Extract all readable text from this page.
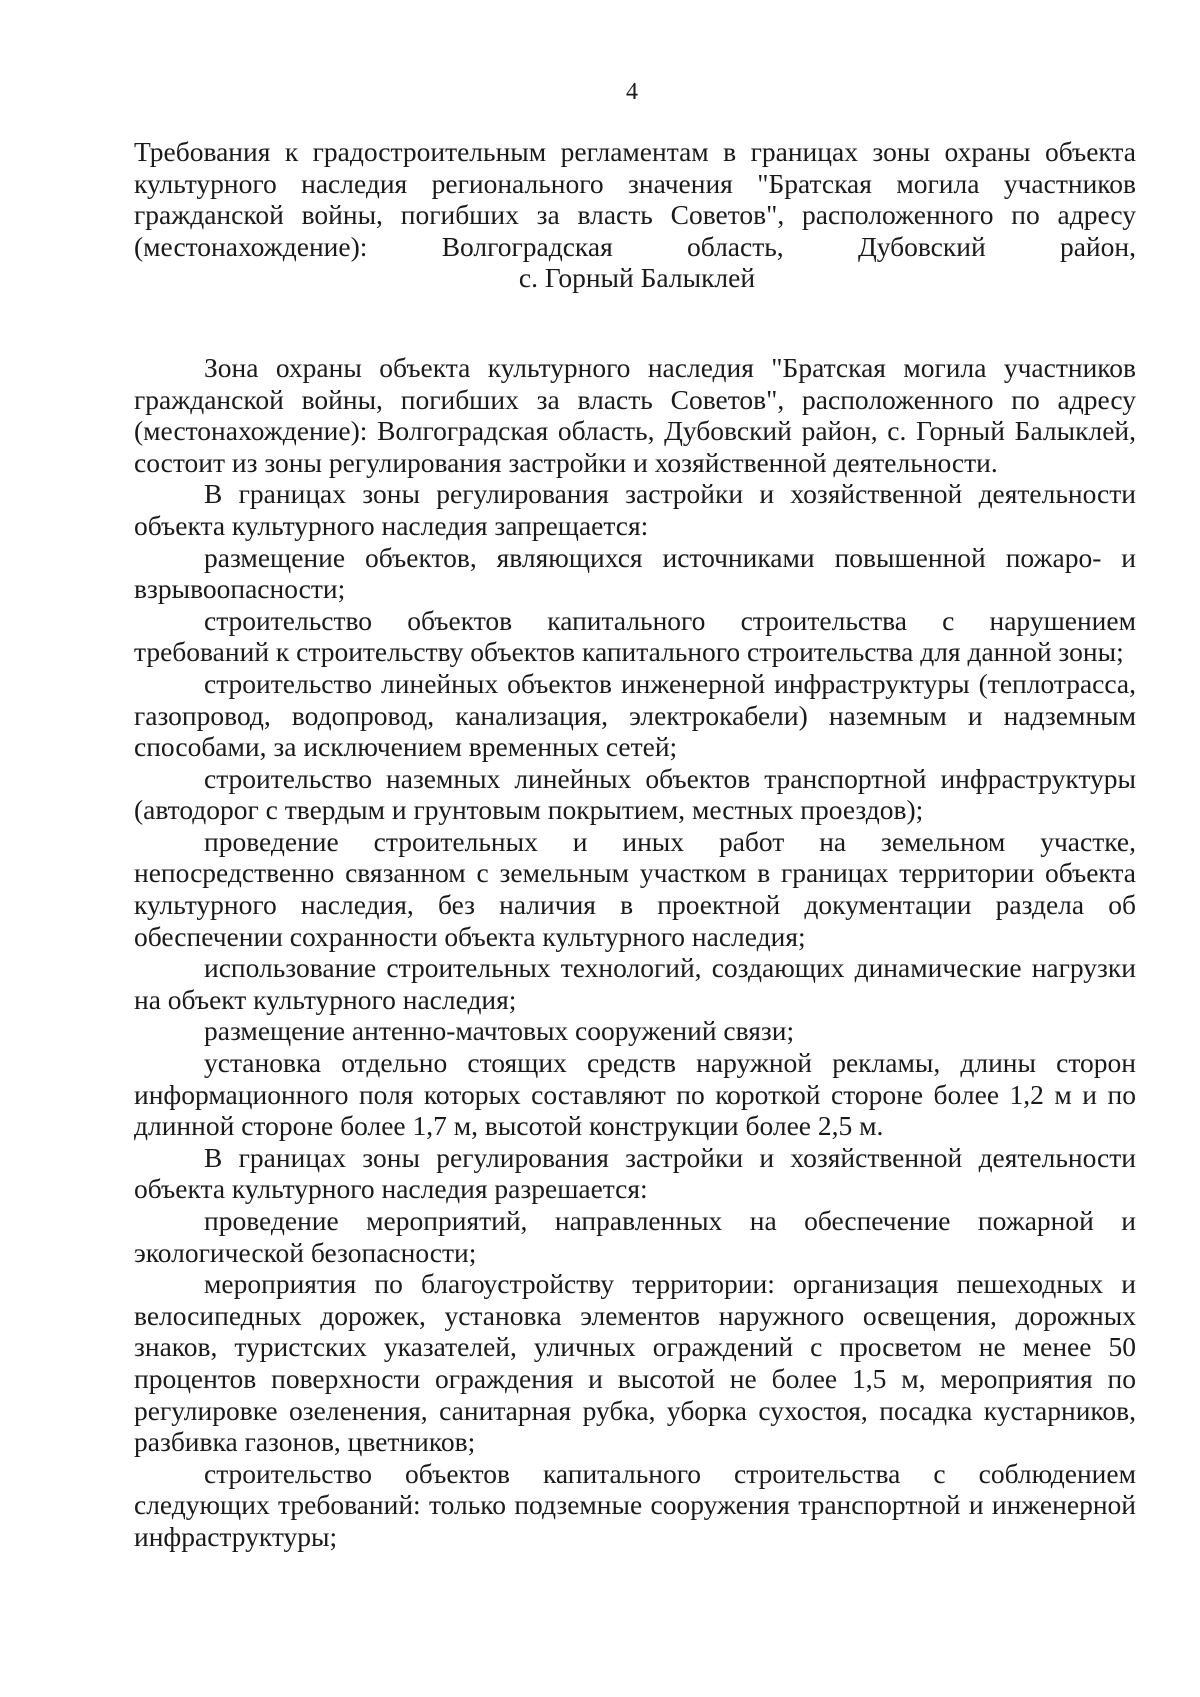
4
Требования к градостроительным регламентам в границах зоны охраны объекта культурного наследия регионального значения "Братская могила участников гражданской войны, погибших за власть Советов", расположенного по адресу (местонахождение): Волгоградская область, Дубовский район,
с. Горный Балыклей

Зона охраны объекта культурного наследия "Братская могила участников гражданской войны, погибших за власть Советов", расположенного по адресу (местонахождение): Волгоградская область, Дубовский район, с. Горный Балыклей, состоит из зоны регулирования застройки и хозяйственной деятельности.

В границах зоны регулирования застройки и хозяйственной деятельности объекта культурного наследия запрещается:

размещение объектов, являющихся источниками повышенной пожаро- и взрывоопасности;

строительство объектов капитального строительства с нарушением требований к строительству объектов капитального строительства для данной зоны;

строительство линейных объектов инженерной инфраструктуры (теплотрасса, газопровод, водопровод, канализация, электрокабели) наземным и надземным способами, за исключением временных сетей;

строительство наземных линейных объектов транспортной инфраструктуры (автодорог с твердым и грунтовым покрытием, местных проездов);

проведение строительных и иных работ на земельном участке, непосредственно связанном с земельным участком в границах территории объекта культурного наследия, без наличия в проектной документации раздела об обеспечении сохранности объекта культурного наследия;

использование строительных технологий, создающих динамические нагрузки на объект культурного наследия;

размещение антенно-мачтовых сооружений связи;

установка отдельно стоящих средств наружной рекламы, длины сторон информационного поля которых составляют по короткой стороне более 1,2 м и по длинной стороне более 1,7 м, высотой конструкции более 2,5 м.

В границах зоны регулирования застройки и хозяйственной деятельности объекта культурного наследия разрешается:

проведение мероприятий, направленных на обеспечение пожарной и экологической безопасности;

мероприятия по благоустройству территории: организация пешеходных и велосипедных дорожек, установка элементов наружного освещения, дорожных знаков, туристских указателей, уличных ограждений с просветом не менее 50 процентов поверхности ограждения и высотой не более 1,5 м, мероприятия по регулировке озеленения, санитарная рубка, уборка сухостоя, посадка кустарников, разбивка газонов, цветников;

строительство объектов капитального строительства с соблюдением следующих требований: только подземные сооружения транспортной и инженерной инфраструктуры;
